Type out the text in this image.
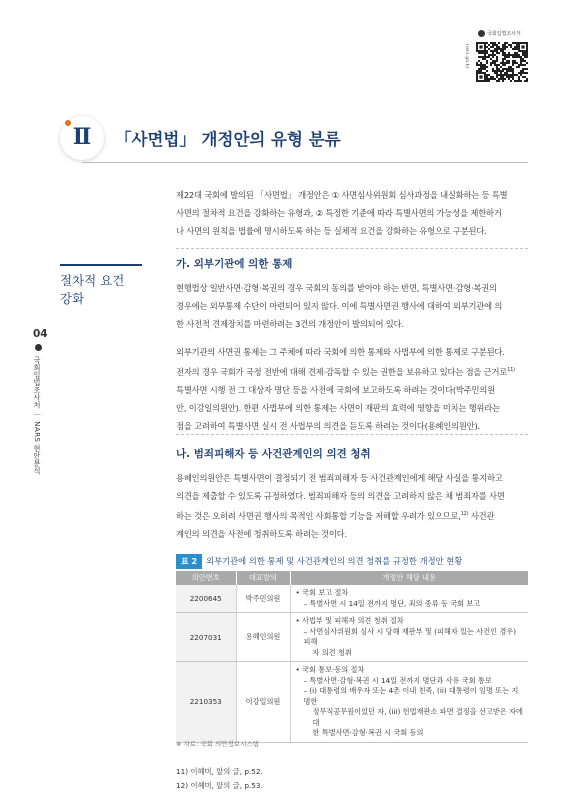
국회입법조사처
nars.go.kr
Ⅱ	「사면법」 개정안의 유형 분류
04
국회입법조사처 ｜ NARS 현안분석
절차적 요건
강화
제22대 국회에 발의된 「사면법」 개정안은 ① 사면심사위원회 심사과정을 내실화하는 등 특별
사면의 절차적 요건을 강화하는 유형과, ② 특정한 기준에 따라 특별사면의 가능성을 제한하거
나 사면의 원칙을 법률에 명시하도록 하는 등 실체적 요건을 강화하는 유형으로 구분된다.
가. 외부기관에 의한 통제
현행법상 일반사면·감형·복권의 경우 국회의 동의를 받아야 하는 반면, 특별사면·감형·복권의
경우에는 외부통제 수단이 마련되어 있지 않다. 이에 특별사면권 행사에 대하여 외부기관에 의
한 사전적 견제장치를 마련하려는 3건의 개정안이 발의되어 있다.
외부기관의 사면권 통제는 그 주체에 따라 국회에 의한 통제와 사법부에 의한 통제로 구분된다.
전자의 경우 국회가 국정 전반에 대해 견제·감독할 수 있는 권한을 보유하고 있다는 점을 근거로$^{11)}$
특별사면 시행 전 그 대상자 명단 등을 사전에 국회에 보고하도록 하려는 것이다(박주민의원
안, 이강일의원안). 한편 사법부에 의한 통제는 사면이 재판의 효력에 영향을 미치는 행위라는
점을 고려하여 특별사면 실시 전 사법부의 의견을 듣도록 하려는 것이다(용혜인의원안).
나. 범죄피해자 등 사건관계인의 의견 청취
용혜인의원안은 특별사면이 결정되기 전 범죄피해자 등 사건관계인에게 해당 사실을 통지하고
의견을 제출할 수 있도록 규정하였다. 범죄피해자 등의 의견을 고려하지 않은 채 범죄자를 사면
하는 것은 오히려 사면권 행사의 목적인 사회통합 기능을 저해할 우려가 있으므로,$^{12)}$ 사건관
계인의 의견을 사전에 청취하도록 하려는 것이다.
표 2 외부기관에 의한 통제 및 사건관계인의 의견 청취를 규정한 개정안 현황
의안번호	대표발의	개정안 해당 내용
2200645	박주민의원	• 국회 보고 절차
– 특별사면 시 14일 전까지 명단, 죄의 종류 등 국회 보고

2207031	용혜인의원	• 사법부 및 피해자 의견 청취 절차
– 사면심사위원회 심사 시 당해 재판부 및 (피해자 있는 사건인 경우) 피해
자 의견 청취

2210353	이강일의원	• 국회 통보·동의 절차
– 특별사면·감형·복권 시 14일 전까지 명단과 사유 국회 통보
– (i) 대통령의 배우자 또는 4촌 이내 친족, (ii) 대통령이 임명 또는 지명한
정무직공무원이었던 자, (iii) 헌법재판소 파면 결정을 선고받은 자에 대
한 특별사면·감형·복권 시 국회 동의
※ 자료: 국회 의안정보시스템
11) 이혜미, 앞의 글, p.52.
12) 이혜미, 앞의 글, p.53.
